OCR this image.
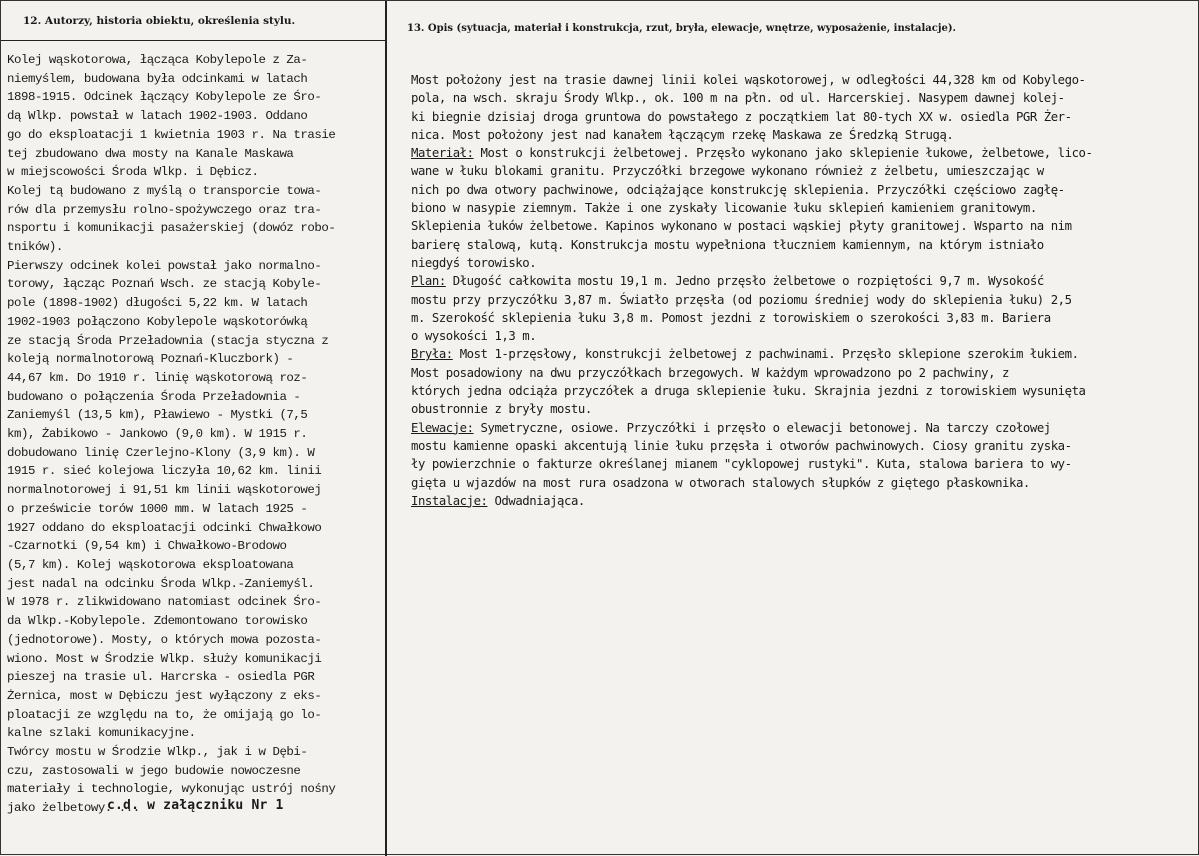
12. Autorzy, historia obiektu, określenia stylu.
Kolej wąskotorowa, łącząca Kobylepole z Za-
niemyślem, budowana była odcinkami w latach
1898-1915. Odcinek łączący Kobylepole ze Śro-
dą Wlkp. powstał w latach 1902-1903. Oddano
go do eksploatacji 1 kwietnia 1903 r. Na trasie
tej zbudowano dwa mosty na Kanale Maskawa
w miejscowości Środa Wlkp. i Dębicz.
Kolej tą budowano z myślą o transporcie towa-
rów dla przemysłu rolno-spożywczego oraz tra-
nsportu i komunikacji pasażerskiej (dowóz robo-
tników).
Pierwszy odcinek kolei powstał jako normalno-
torowy, łącząc Poznań Wsch. ze stacją Kobyle-
pole (1898-1902) długości 5,22 km. W latach
1902-1903 połączono Kobylepole wąskotorówką
ze stacją Środa Przeładownia (stacja styczna z
koleją normalnotorową Poznań-Kluczbork) -
44,67 km. Do 1910 r. linię wąskotorową roz-
budowano o połączenia Środa Przeładownia -
Zaniemyśl (13,5 km), Pławiewo - Mystki (7,5
km), Żabikowo - Jankowo (9,0 km). W 1915 r.
dobudowano linię Czerlejno-Klony (3,9 km). W
1915 r. sieć kolejowa liczyła 10,62 km. linii
normalnotorowej i 91,51 km linii wąskotorowej
o prześwicie torów 1000 mm. W latach 1925 -
1927 oddano do eksploatacji odcinki Chwałkowo
-Czarnotki (9,54 km) i Chwałkowo-Brodowo
(5,7 km). Kolej wąskotorowa eksploatowana
jest nadal na odcinku Środa Wlkp.-Zaniemyśl.
W 1978 r. zlikwidowano natomiast odcinek Śro-
da Wlkp.-Kobylepole. Zdemontowano torowisko
(jednotorowe). Mosty, o których mowa pozosta-
wiono. Most w Środzie Wlkp. służy komunikacji
pieszej na trasie ul. Harcrska - osiedla PGR
Żernica, most w Dębiczu jest wyłączony z eks-
ploatacji ze względu na to, że omijają go lo-
kalne szlaki komunikacyjne.
Twórcy mostu w Środzie Wlkp., jak i w Dębi-
czu, zastosowali w jego budowie nowoczesne
materiały i technologie, wykonując ustrój nośny
jako żelbetowy. ...
c.d. w załączniku Nr 1
13. Opis (sytuacja, materiał i konstrukcja, rzut, bryła, elewacje, wnętrze, wyposażenie, instalacje).
Most położony jest na trasie dawnej linii kolei wąskotorowej, w odległości 44,328 km od Kobylego-
pola, na wsch. skraju Środy Wlkp., ok. 100 m na płn. od ul. Harcerskiej. Nasypem dawnej kolej-
ki biegnie dzisiaj droga gruntowa do powstałego z początkiem lat 80-tych XX w. osiedla PGR Żer-
nica. Most położony jest nad kanałem łączącym rzekę Maskawa ze Średzką Strugą.
Materiał: Most o konstrukcji żelbetowej. Przęsło wykonano jako sklepienie łukowe, żelbetowe, lico-
wane w łuku blokami granitu. Przyczółki brzegowe wykonano również z żelbetu, umieszczając w
nich po dwa otwory pachwinowe, odciążające konstrukcję sklepienia. Przyczółki częściowo zagłę-
biono w nasypie ziemnym. Także i one zyskały licowanie łuku sklepień kamieniem granitowym.
Sklepienia łuków żelbetowe. Kapinos wykonano w postaci wąskiej płyty granitowej. Wsparto na nim
barierę stalową, kutą. Konstrukcja mostu wypełniona tłuczniem kamiennym, na którym istniało
niegdyś torowisko.
Plan: Długość całkowita mostu 19,1 m. Jedno przęsło żelbetowe o rozpiętości 9,7 m. Wysokość
mostu przy przyczółku 3,87 m. Światło przęsła (od poziomu średniej wody do sklepienia łuku) 2,5
m. Szerokość sklepienia łuku 3,8 m. Pomost jezdni z torowiskiem o szerokości 3,83 m. Bariera
o wysokości 1,3 m.
Bryła: Most 1-przęsłowy, konstrukcji żelbetowej z pachwinami. Przęsło sklepione szerokim łukiem.
Most posadowiony na dwu przyczółkach brzegowych. W każdym wprowadzono po 2 pachwiny, z
których jedna odciąża przyczółek a druga sklepienie łuku. Skrajnia jezdni z torowiskiem wysunięta
obustronnie z bryły mostu.
Elewacje: Symetryczne, osiowe. Przyczółki i przęsło o elewacji betonowej. Na tarczy czołowej
mostu kamienne opaski akcentują linie łuku przęsła i otworów pachwinowych. Ciosy granitu zyska-
ły powierzchnie o fakturze określanej mianem "cyklopowej rustyki". Kuta, stalowa bariera to wy-
gięta u wjazdów na most rura osadzona w otworach stalowych słupków z giętego płaskownika.
Instalacje: Odwadniająca.
